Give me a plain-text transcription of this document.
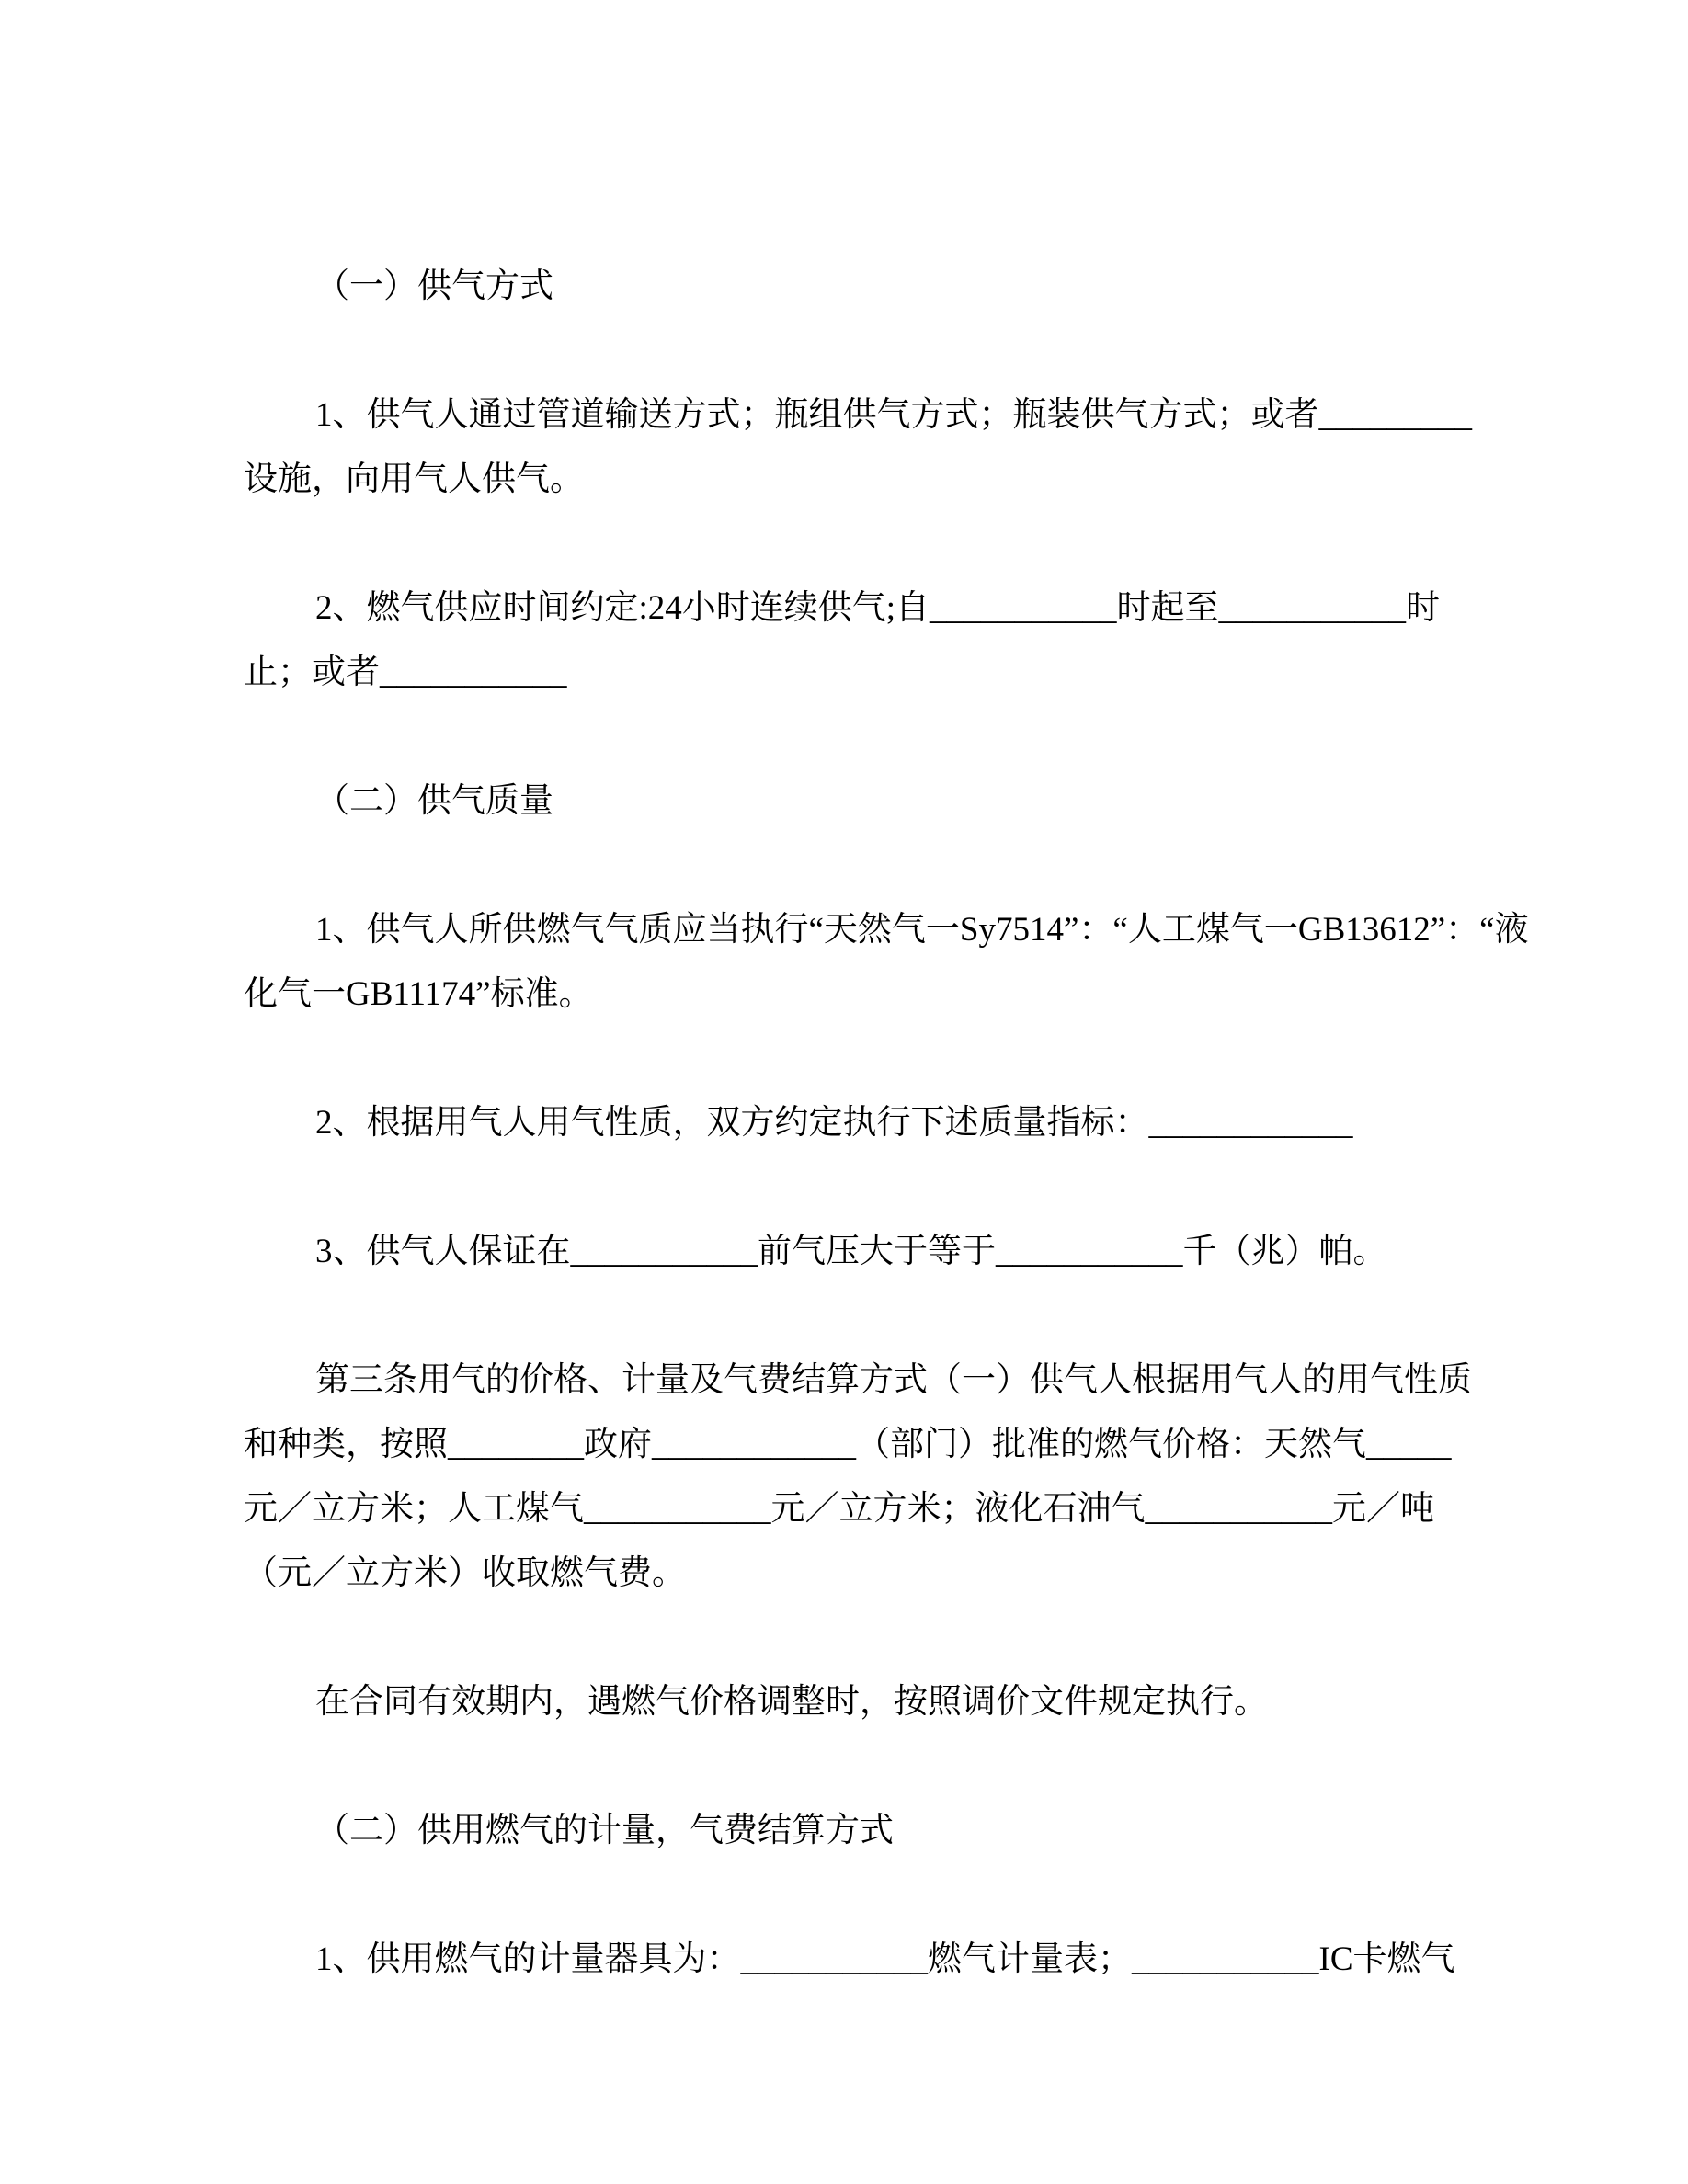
（一）供气方式
1、供气人通过管道输送方式；瓶组供气方式；瓶装供气方式；或者_________
设施，向用气人供气。
2、燃气供应时间约定:24小时连续供气;自___________时起至___________时
止；或者___________
（二）供气质量
1、供气人所供燃气气质应当执行“天然气一Sy7514”：“人工煤气一GB13612”：“液
化气一GB11174”标准。
2、根据用气人用气性质，双方约定执行下述质量指标：____________
3、供气人保证在___________前气压大于等于___________千（兆）帕。
第三条用气的价格、计量及气费结算方式（一）供气人根据用气人的用气性质
和种类，按照________政府____________（部门）批准的燃气价格：天然气_____
元／立方米；人工煤气___________元／立方米；液化石油气___________元／吨
（元／立方米）收取燃气费。
在合同有效期内，遇燃气价格调整时，按照调价文件规定执行。
（二）供用燃气的计量，气费结算方式
1、供用燃气的计量器具为：___________燃气计量表；___________IC卡燃气
